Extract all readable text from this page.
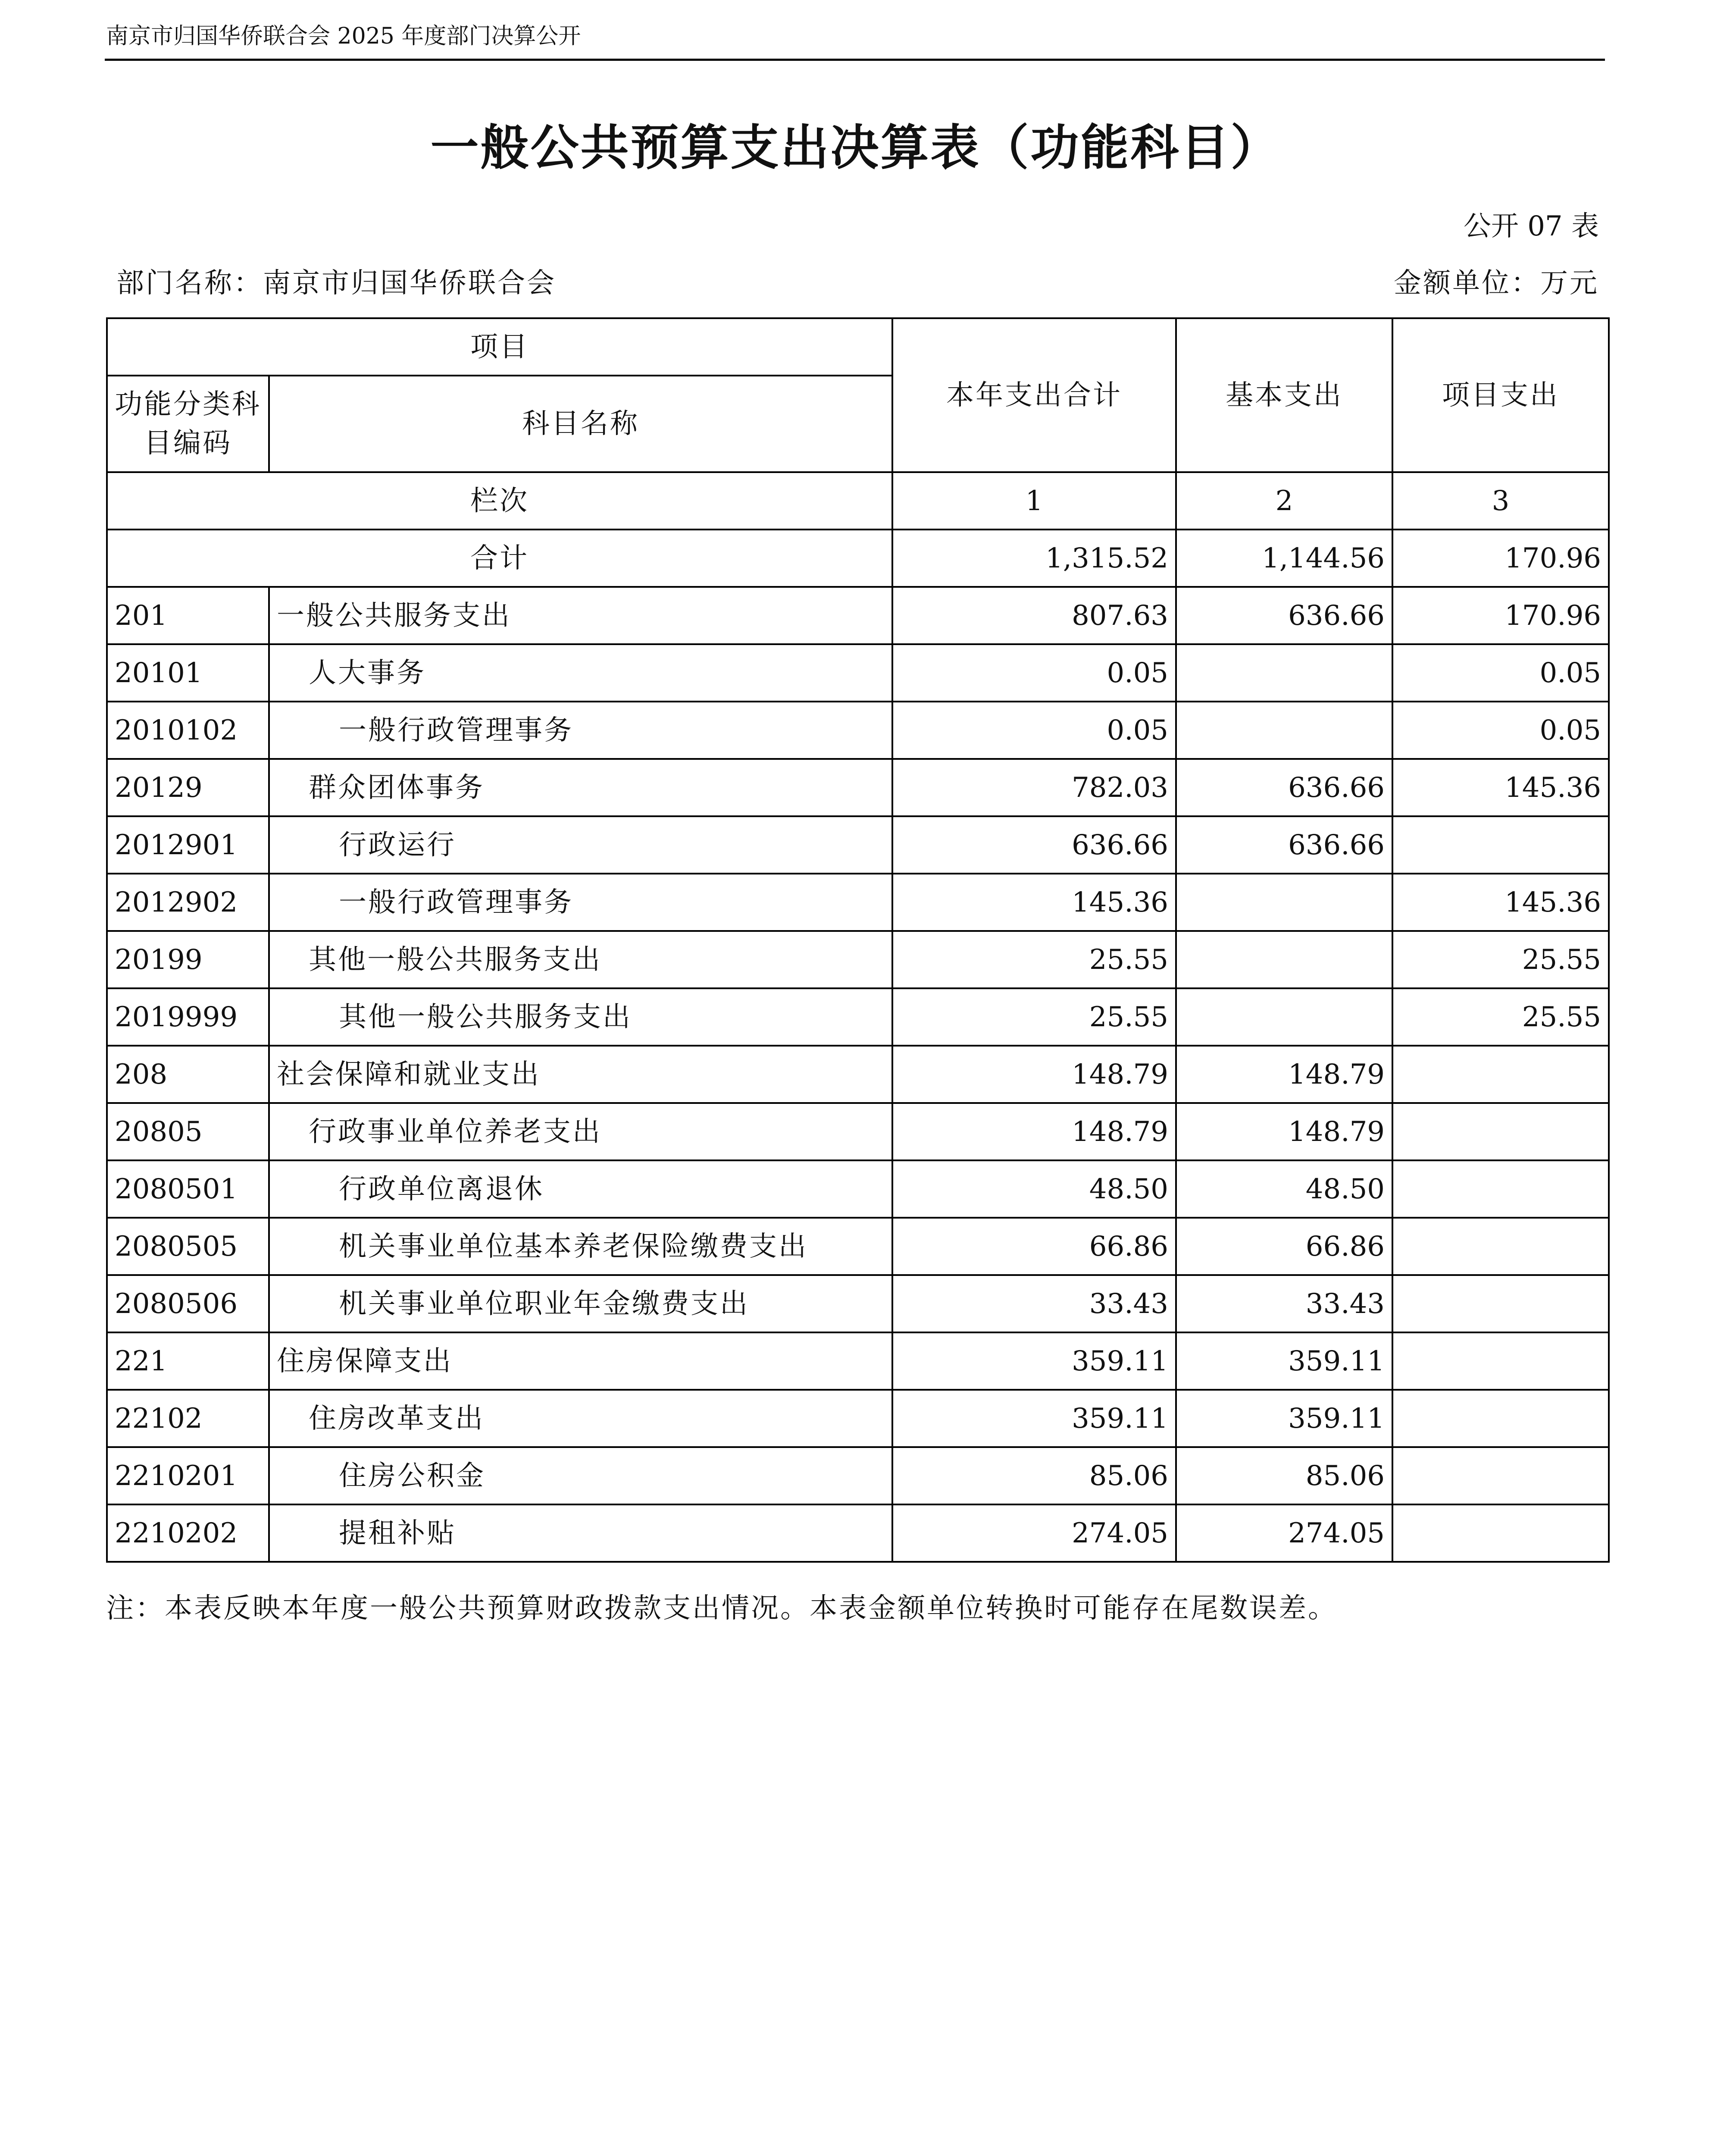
南京市归国华侨联合会 2025 年度部门决算公开
一般公共预算支出决算表（功能科目）
公开 07 表
部门名称：南京市归国华侨联合会	金额单位：万元
项目		本年支出合计	基本支出	项目支出
功能分类科目编码	科目名称			
栏次		1	2	3
合计		1,315.52	1,144.56	170.96
201	一般公共服务支出	807.63	636.66	170.96
20101	人大事务	0.05		0.05
2010102	一般行政管理事务	0.05		0.05
20129	群众团体事务	782.03	636.66	145.36
2012901	行政运行	636.66	636.66	
2012902	一般行政管理事务	145.36		145.36
20199	其他一般公共服务支出	25.55		25.55
2019999	其他一般公共服务支出	25.55		25.55
208	社会保障和就业支出	148.79	148.79	
20805	行政事业单位养老支出	148.79	148.79	
2080501	行政单位离退休	48.50	48.50	
2080505	机关事业单位基本养老保险缴费支出	66.86	66.86	
2080506	机关事业单位职业年金缴费支出	33.43	33.43	
221	住房保障支出	359.11	359.11	
22102	住房改革支出	359.11	359.11	
2210201	住房公积金	85.06	85.06	
2210202	提租补贴	274.05	274.05	
注：本表反映本年度一般公共预算财政拨款支出情况。本表金额单位转换时可能存在尾数误差。
